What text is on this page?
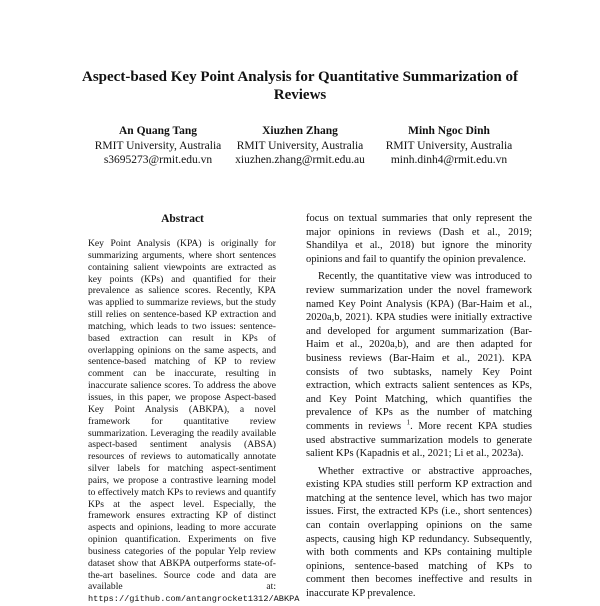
Aspect-based Key Point Analysis for Quantitative Summarization of Reviews
An Quang Tang
RMIT University, Australia
s3695273@rmit.edu.vn
Xiuzhen Zhang
RMIT University, Australia
xiuzhen.zhang@rmit.edu.au
Minh Ngoc Dinh
RMIT University, Australia
minh.dinh4@rmit.edu.vn
Abstract

Key Point Analysis (KPA) is originally for summarizing arguments, where short sentences containing salient viewpoints are extracted as key points (KPs) and quantified for their prevalence as salience scores. Recently, KPA was applied to summarize reviews, but the study still relies on sentence-based KP extraction and matching, which leads to two issues: sentence-based extraction can result in KPs of overlapping opinions on the same aspects, and sentence-based matching of KP to review comment can be inaccurate, resulting in inaccurate salience scores. To address the above issues, in this paper, we propose Aspect-based Key Point Analysis (ABKPA), a novel framework for quantitative review summarization. Leveraging the readily available aspect-based sentiment analysis (ABSA) resources of reviews to automatically annotate silver labels for matching aspect-sentiment pairs, we propose a contrastive learning model to effectively match KPs to reviews and quantify KPs at the aspect level. Especially, the framework ensures extracting KP of distinct aspects and opinions, leading to more accurate opinion quantification. Experiments on five business categories of the popular Yelp review dataset show that ABKPA outperforms state-of-the-art baselines. Source code and data are available at: https://github.com/antangrocket1312/ABKPA

focus on textual summaries that only represent the major opinions in reviews (Dash et al., 2019; Shandilya et al., 2018) but ignore the minority opinions and fail to quantify the opinion prevalence.

Recently, the quantitative view was introduced to review summarization under the novel framework named Key Point Analysis (KPA) (Bar-Haim et al., 2020a,b, 2021). KPA studies were initially extractive and developed for argument summarization (Bar-Haim et al., 2020a,b), and are then adapted for business reviews (Bar-Haim et al., 2021). KPA consists of two subtasks, namely Key Point extraction, which extracts salient sentences as KPs, and Key Point Matching, which quantifies the prevalence of KPs as the number of matching comments in reviews $^1$. More recent KPA studies used abstractive summarization models to generate salient KPs (Kapadnis et al., 2021; Li et al., 2023a).

Whether extractive or abstractive approaches, existing KPA studies still perform KP extraction and matching at the sentence level, which has two major issues. First, the extracted KPs (i.e., short sentences) can contain overlapping opinions on the same aspects, causing high KP redundancy. Subsequently, with both comments and KPs containing multiple opinions, sentence-based matching of KPs to comment then becomes ineffective and results in inaccurate KP prevalence.
